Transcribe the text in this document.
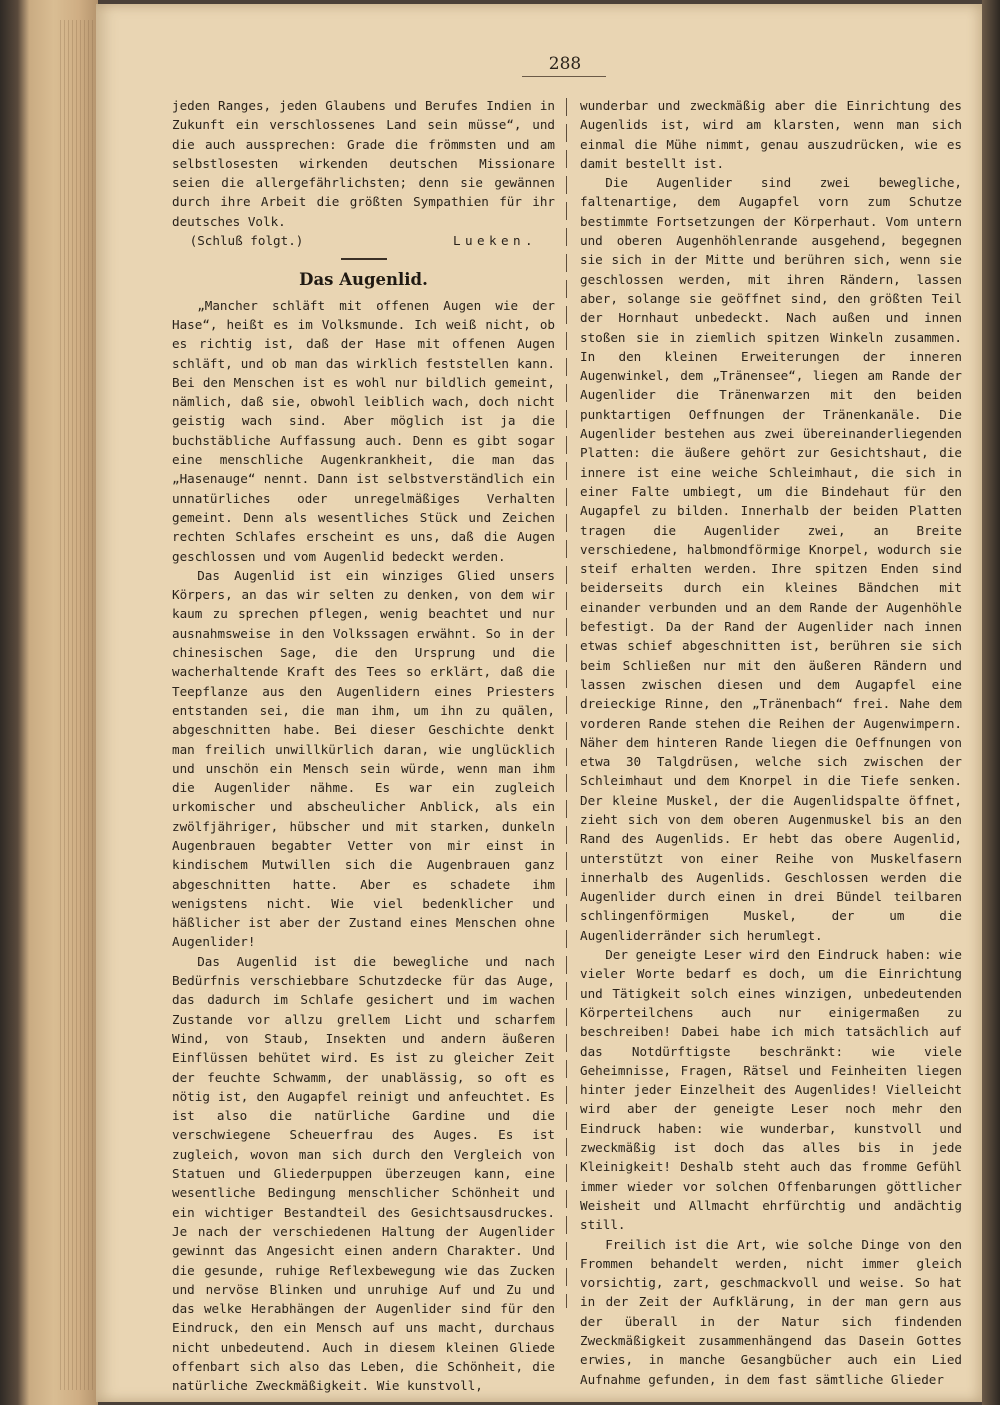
288

jeden Ranges, jeden Glaubens und Berufes Indien in Zukunft ein verschlossenes Land sein müsse“, und die auch aussprechen: Grade die frömmsten und am selbstlosesten wirkenden deutschen Missionare seien die allergefährlichsten; denn sie gewännen durch ihre Arbeit die größten Sympathien für ihr deutsches Volk.

(Schluß folgt.)	Lueken.
Das Augenlid.

„Mancher schläft mit offenen Augen wie der Hase“, heißt es im Volksmunde. Ich weiß nicht, ob es richtig ist, daß der Hase mit offenen Augen schläft, und ob man das wirklich feststellen kann. Bei den Menschen ist es wohl nur bildlich gemeint, nämlich, daß sie, obwohl leiblich wach, doch nicht geistig wach sind. Aber möglich ist ja die buchstäbliche Auffassung auch. Denn es gibt sogar eine menschliche Augenkrankheit, die man das „Hasenauge“ nennt. Dann ist selbstverständlich ein unnatürliches oder unregelmäßiges Verhalten gemeint. Denn als wesentliches Stück und Zeichen rechten Schlafes erscheint es uns, daß die Augen geschlossen und vom Augenlid bedeckt werden.

Das Augenlid ist ein winziges Glied unsers Körpers, an das wir selten zu denken, von dem wir kaum zu sprechen pflegen, wenig beachtet und nur ausnahmsweise in den Volkssagen erwähnt. So in der chinesischen Sage, die den Ursprung und die wacherhaltende Kraft des Tees so erklärt, daß die Teepflanze aus den Augenlidern eines Priesters entstanden sei, die man ihm, um ihn zu quälen, abgeschnitten habe. Bei dieser Geschichte denkt man freilich unwillkürlich daran, wie unglücklich und unschön ein Mensch sein würde, wenn man ihm die Augenlider nähme. Es war ein zugleich urkomischer und abscheulicher Anblick, als ein zwölfjähriger, hübscher und mit starken, dunkeln Augenbrauen begabter Vetter von mir einst in kindischem Mutwillen sich die Augenbrauen ganz abgeschnitten hatte. Aber es schadete ihm wenigstens nicht. Wie viel bedenklicher und häßlicher ist aber der Zustand eines Menschen ohne Augenlider!

Das Augenlid ist die bewegliche und nach Bedürfnis verschiebbare Schutzdecke für das Auge, das dadurch im Schlafe gesichert und im wachen Zustande vor allzu grellem Licht und scharfem Wind, von Staub, Insekten und andern äußeren Einflüssen behütet wird. Es ist zu gleicher Zeit der feuchte Schwamm, der unablässig, so oft es nötig ist, den Augapfel reinigt und anfeuchtet. Es ist also die natürliche Gardine und die verschwiegene Scheuerfrau des Auges. Es ist zugleich, wovon man sich durch den Vergleich von Statuen und Gliederpuppen überzeugen kann, eine wesentliche Bedingung menschlicher Schönheit und ein wichtiger Bestandteil des Gesichtsausdruckes. Je nach der verschiedenen Haltung der Augenlider gewinnt das Angesicht einen andern Charakter. Und die gesunde, ruhige Reflexbewegung wie das Zucken und nervöse Blinken und unruhige Auf und Zu und das welke Herabhängen der Augenlider sind für den Eindruck, den ein Mensch auf uns macht, durchaus nicht unbedeutend. Auch in diesem kleinen Gliede offenbart sich also das Leben, die Schönheit, die natürliche Zweckmäßigkeit. Wie kunstvoll,

wunderbar und zweckmäßig aber die Einrichtung des Augenlids ist, wird am klarsten, wenn man sich einmal die Mühe nimmt, genau auszudrücken, wie es damit bestellt ist.

Die Augenlider sind zwei bewegliche, faltenartige, dem Augapfel vorn zum Schutze bestimmte Fortsetzungen der Körperhaut. Vom untern und oberen Augenhöhlenrande ausgehend, begegnen sie sich in der Mitte und berühren sich, wenn sie geschlossen werden, mit ihren Rändern, lassen aber, solange sie geöffnet sind, den größten Teil der Hornhaut unbedeckt. Nach außen und innen stoßen sie in ziemlich spitzen Winkeln zusammen. In den kleinen Erweiterungen der inneren Augenwinkel, dem „Tränensee“, liegen am Rande der Augenlider die Tränenwarzen mit den beiden punktartigen Oeffnungen der Tränenkanäle. Die Augenlider bestehen aus zwei übereinanderliegenden Platten: die äußere gehört zur Gesichtshaut, die innere ist eine weiche Schleimhaut, die sich in einer Falte umbiegt, um die Bindehaut für den Augapfel zu bilden. Innerhalb der beiden Platten tragen die Augenlider zwei, an Breite verschiedene, halbmondförmige Knorpel, wodurch sie steif erhalten werden. Ihre spitzen Enden sind beiderseits durch ein kleines Bändchen mit einander verbunden und an dem Rande der Augenhöhle befestigt. Da der Rand der Augenlider nach innen etwas schief abgeschnitten ist, berühren sie sich beim Schließen nur mit den äußeren Rändern und lassen zwischen diesen und dem Augapfel eine dreieckige Rinne, den „Tränenbach“ frei. Nahe dem vorderen Rande stehen die Reihen der Augenwimpern. Näher dem hinteren Rande liegen die Oeffnungen von etwa 30 Talgdrüsen, welche sich zwischen der Schleimhaut und dem Knorpel in die Tiefe senken. Der kleine Muskel, der die Augenlidspalte öffnet, zieht sich von dem oberen Augenmuskel bis an den Rand des Augenlids. Er hebt das obere Augenlid, unterstützt von einer Reihe von Muskelfasern innerhalb des Augenlids. Geschlossen werden die Augenlider durch einen in drei Bündel teilbaren schlingenförmigen Muskel, der um die Augenliderränder sich herumlegt.

Der geneigte Leser wird den Eindruck haben: wie vieler Worte bedarf es doch, um die Einrichtung und Tätigkeit solch eines winzigen, unbedeutenden Körperteilchens auch nur einigermaßen zu beschreiben! Dabei habe ich mich tatsächlich auf das Notdürftigste beschränkt: wie viele Geheimnisse, Fragen, Rätsel und Feinheiten liegen hinter jeder Einzelheit des Augenlides! Vielleicht wird aber der geneigte Leser noch mehr den Eindruck haben: wie wunderbar, kunstvoll und zweckmäßig ist doch das alles bis in jede Kleinigkeit! Deshalb steht auch das fromme Gefühl immer wieder vor solchen Offenbarungen göttlicher Weisheit und Allmacht ehrfürchtig und andächtig still.

Freilich ist die Art, wie solche Dinge von den Frommen behandelt werden, nicht immer gleich vorsichtig, zart, geschmackvoll und weise. So hat in der Zeit der Aufklärung, in der man gern aus der überall in der Natur sich findenden Zweckmäßigkeit zusammenhängend das Dasein Gottes erwies, in manche Gesangbücher auch ein Lied Aufnahme gefunden, in dem fast sämtliche Glieder
